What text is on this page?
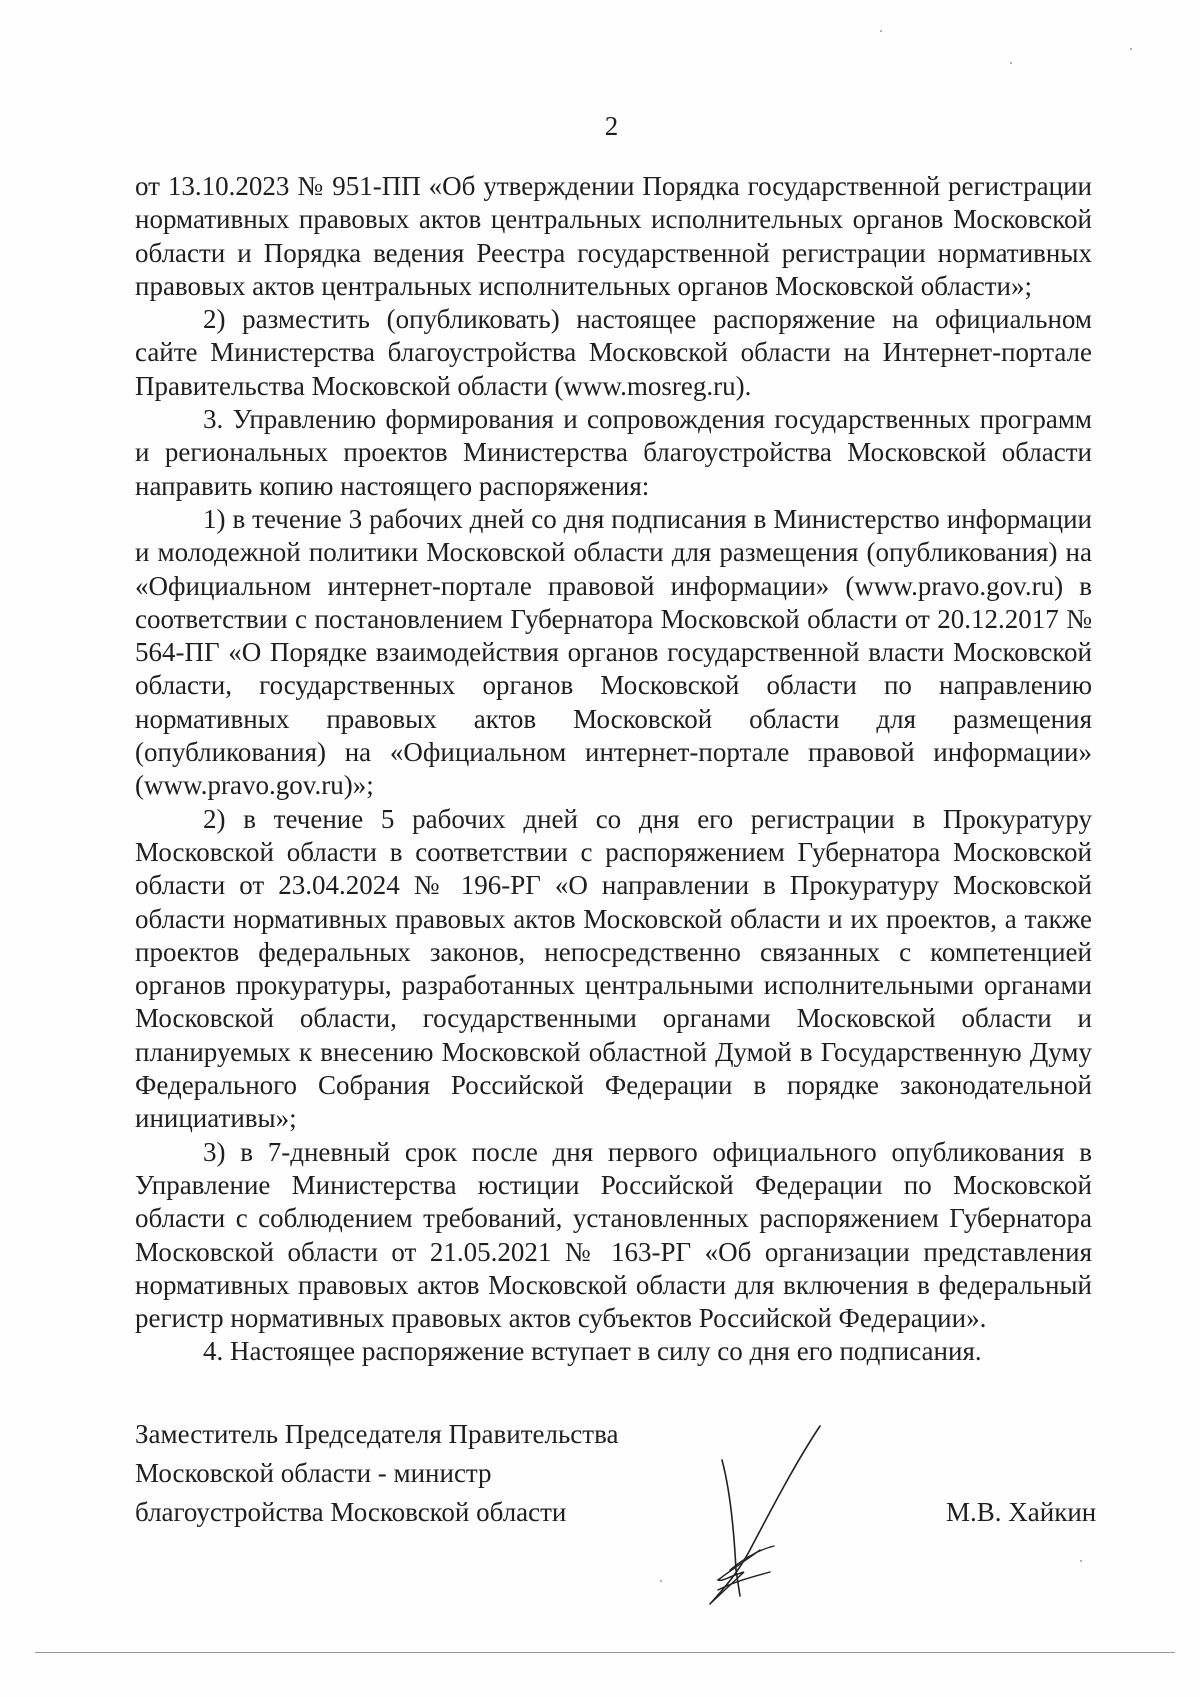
2

от 13.10.2023 № 951-ПП «Об утверждении Порядка государственной регистрации нормативных правовых актов центральных исполнительных органов Московской области и Порядка ведения Реестра государственной регистрации нормативных правовых актов центральных исполнительных органов Московской области»;

2) разместить (опубликовать) настоящее распоряжение на официальном сайте Министерства благоустройства Московской области на Интернет-портале Правительства Московской области (www.mosreg.ru).

3. Управлению формирования и сопровождения государственных программ и региональных проектов Министерства благоустройства Московской области направить копию настоящего распоряжения:

1) в течение 3 рабочих дней со дня подписания в Министерство информации и молодежной политики Московской области для размещения (опубликования) на «Официальном интернет-портале правовой информации» (www.pravo.gov.ru) в соответствии с постановлением Губернатора Московской области от 20.12.2017 № 564-ПГ «О Порядке взаимодействия органов государственной власти Московской области, государственных органов Московской области по направлению нормативных правовых актов Московской области для размещения (опубликования) на «Официальном интернет-портале правовой информации» (www.pravo.gov.ru)»;

2) в течение 5 рабочих дней со дня его регистрации в Прокуратуру Московской области в соответствии с распоряжением Губернатора Московской области от 23.04.2024 № 196-РГ «О направлении в Прокуратуру Московской области нормативных правовых актов Московской области и их проектов, а также проектов федеральных законов, непосредственно связанных с компетенцией органов прокуратуры, разработанных центральными исполнительными органами Московской области, государственными органами Московской области и планируемых к внесению Московской областной Думой в Государственную Думу Федерального Собрания Российской Федерации в порядке законодательной инициативы»;

3) в 7-дневный срок после дня первого официального опубликования в Управление Министерства юстиции Российской Федерации по Московской области с соблюдением требований, установленных распоряжением Губернатора Московской области от 21.05.2021 № 163-РГ «Об организации представления нормативных правовых актов Московской области для включения в федеральный регистр нормативных правовых актов субъектов Российской Федерации».

4. Настоящее распоряжение вступает в силу со дня его подписания.

Заместитель Председателя Правительства
Московской области - министр
благоустройства Московской области	М.В. Хайкин
